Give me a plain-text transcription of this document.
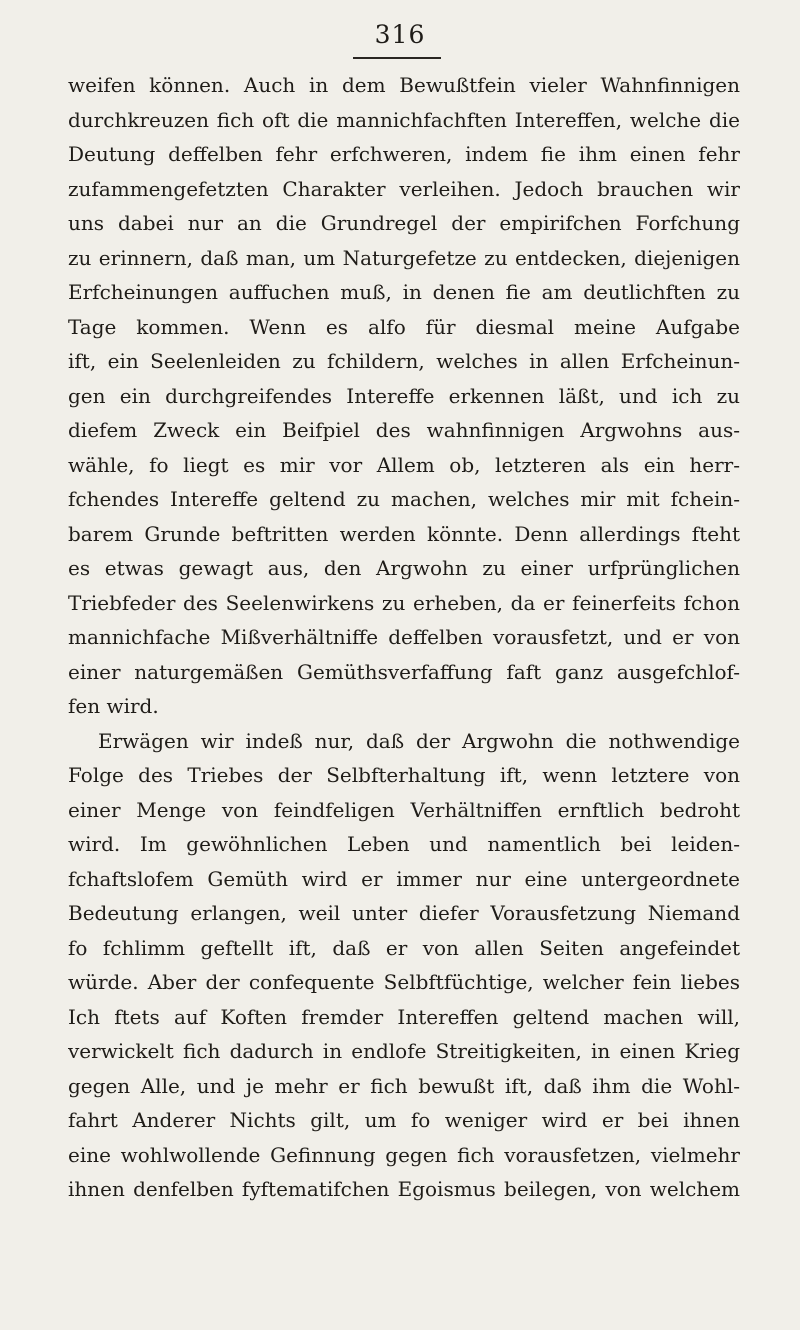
316
weifen können. Auch in dem Bewußtfein vieler Wahnfinnigen
durchkreuzen fich oft die mannichfachften Intereffen, welche die
Deutung deffelben fehr erfchweren, indem fie ihm einen fehr
zufammengefetzten Charakter verleihen. Jedoch brauchen wir
uns dabei nur an die Grundregel der empirifchen Forfchung
zu erinnern, daß man, um Naturgefetze zu entdecken, diejenigen
Erfcheinungen auffuchen muß, in denen fie am deutlichften zu
Tage kommen. Wenn es alfo für diesmal meine Aufgabe
ift, ein Seelenleiden zu fchildern, welches in allen Erfcheinun-
gen ein durchgreifendes Intereffe erkennen läßt, und ich zu
diefem Zweck ein Beifpiel des wahnfinnigen Argwohns aus-
wähle, fo liegt es mir vor Allem ob, letzteren als ein herr-
fchendes Intereffe geltend zu machen, welches mir mit fchein-
barem Grunde beftritten werden könnte. Denn allerdings fteht
es etwas gewagt aus, den Argwohn zu einer urfprünglichen
Triebfeder des Seelenwirkens zu erheben, da er feinerfeits fchon
mannichfache Mißverhältniffe deffelben vorausfetzt, und er von
einer naturgemäßen Gemüthsverfaffung faft ganz ausgefchlof-
fen wird.
Erwägen wir indeß nur, daß der Argwohn die nothwendige
Folge des Triebes der Selbfterhaltung ift, wenn letztere von
einer Menge von feindfeligen Verhältniffen ernftlich bedroht
wird. Im gewöhnlichen Leben und namentlich bei leiden-
fchaftslofem Gemüth wird er immer nur eine untergeordnete
Bedeutung erlangen, weil unter diefer Vorausfetzung Niemand
fo fchlimm geftellt ift, daß er von allen Seiten angefeindet
würde. Aber der confequente Selbftfüchtige, welcher fein liebes
Ich ftets auf Koften fremder Intereffen geltend machen will,
verwickelt fich dadurch in endlofe Streitigkeiten, in einen Krieg
gegen Alle, und je mehr er fich bewußt ift, daß ihm die Wohl-
fahrt Anderer Nichts gilt, um fo weniger wird er bei ihnen
eine wohlwollende Gefinnung gegen fich vorausfetzen, vielmehr
ihnen denfelben fyftematifchen Egoismus beilegen, von welchem
